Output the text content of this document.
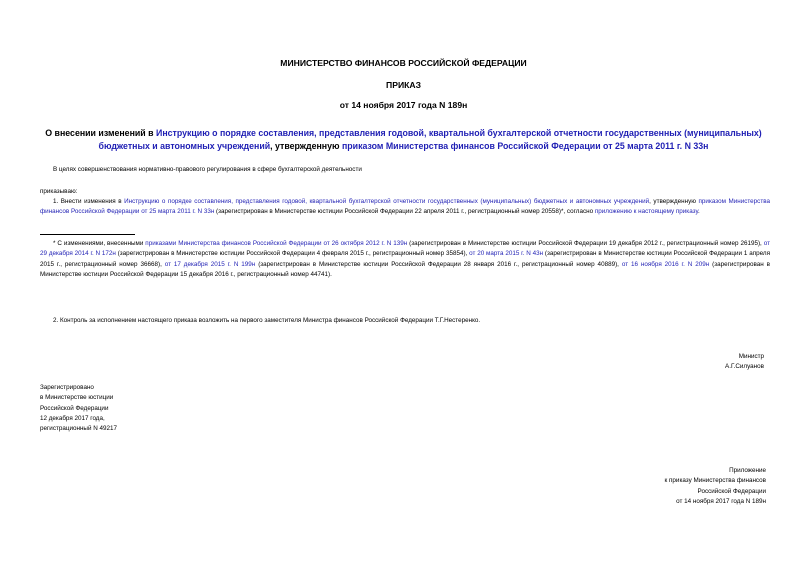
МИНИСТЕРСТВО ФИНАНСОВ РОССИЙСКОЙ ФЕДЕРАЦИИ
ПРИКАЗ
от 14 ноября 2017 года N 189н
О внесении изменений в Инструкцию о порядке составления, представления годовой, квартальной бухгалтерской отчетности государственных (муниципальных) бюджетных и автономных учреждений, утвержденную приказом Министерства финансов Российской Федерации от 25 марта 2011 г. N 33н
В целях совершенствования нормативно-правового регулирования в сфере бухгалтерской деятельности
приказываю:
1. Внести изменения в Инструкцию о порядке составления, представления годовой, квартальной бухгалтерской отчетности государственных (муниципальных) бюджетных и автономных учреждений, утвержденную приказом Министерства финансов Российской Федерации от 25 марта 2011 г. N 33н (зарегистрирован в Министерстве юстиции Российской Федерации 22 апреля 2011 г., регистрационный номер 20558)*, согласно приложению к настоящему приказу.
* С изменениями, внесенными приказами Министерства финансов Российской Федерации от 26 октября 2012 г. N 139н (зарегистрирован в Министерстве юстиции Российской Федерации 19 декабря 2012 г., регистрационный номер 26195), от 29 декабря 2014 г. N 172н (зарегистрирован в Министерстве юстиции Российской Федерации 4 февраля 2015 г., регистрационный номер 35854), от 20 марта 2015 г. N 43н (зарегистрирован в Министерстве юстиции Российской Федерации 1 апреля 2015 г., регистрационный номер 36668), от 17 декабря 2015 г. N 199н (зарегистрирован в Министерстве юстиции Российской Федерации 28 января 2016 г., регистрационный номер 40889), от 16 ноября 2016 г. N 209н (зарегистрирован в Министерстве юстиции Российской Федерации 15 декабря 2016 г., регистрационный номер 44741).
2. Контроль за исполнением настоящего приказа возложить на первого заместителя Министра финансов Российской Федерации Т.Г.Нестеренко.
Министр
А.Г.Силуанов
Зарегистрировано
в Министерстве юстиции
Российской Федерации
12 декабря 2017 года,
регистрационный N 49217
Приложение
к приказу Министерства финансов
Российской Федерации
от 14 ноября 2017 года N 189н
